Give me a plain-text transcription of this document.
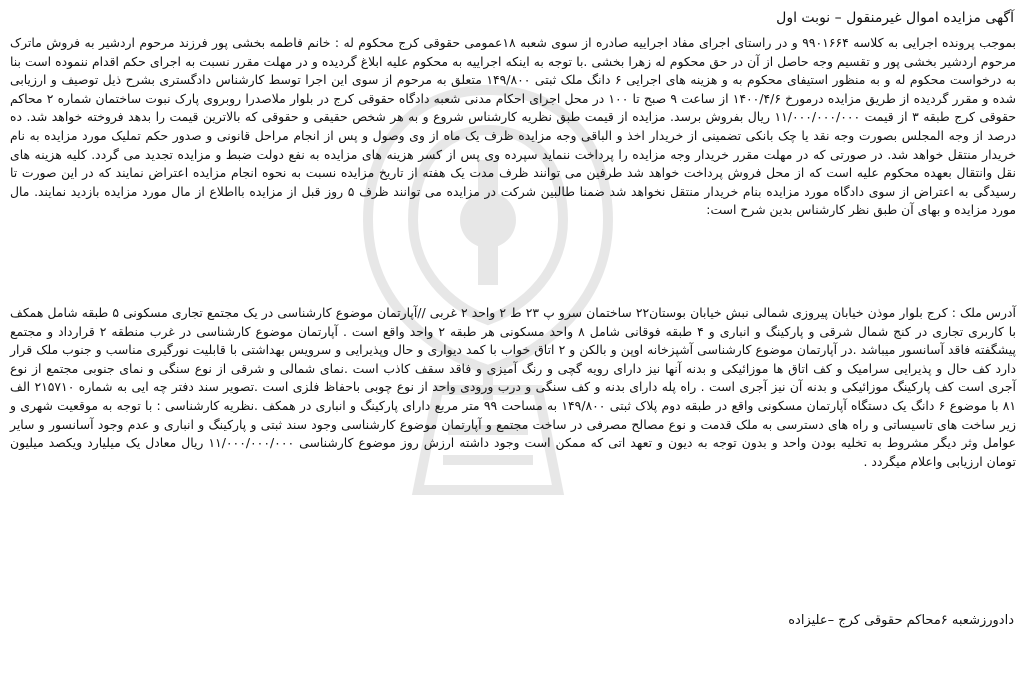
آگهی مزایده اموال غیرمنقول – نوبت اول

بموجب پرونده اجرایی به کلاسه ۹۹۰۱۶۶۴ و در راستای اجرای مفاد اجراییه صادره از سوی شعبه ۱۸عمومی حقوقی کرج محکوم له : خانم فاطمه بخشی پور فرزند مرحوم اردشیر به فروش ماترک مرحوم اردشیر بخشی پور و تقسیم وجه حاصل از آن در حق محکوم له زهرا بخشی .با توجه به اینکه اجراییه به محکوم علیه ابلاغ گردیده و در مهلت مقرر نسبت به اجرای حکم اقدام ننموده است بنا به درخواست محکوم له و به منظور استیفای محکوم به و هزینه های اجرایی ۶ دانگ ملک ثبتی ۱۴۹/۸۰۰ متعلق به مرحوم از سوی این اجرا توسط کارشناس دادگستری بشرح ذیل توصیف و ارزیابی شده و مقرر گردیده از طریق مزایده درمورخ ۱۴۰۰/۴/۶ از ساعت ۹ صبح تا ۱۰۰ در محل اجرای احکام مدنی شعبه دادگاه حقوقی کرج در بلوار ملاصدرا روبروی پارک نبوت ساختمان شماره ۲ محاکم حقوقی کرج طبقه ۳ از قیمت ۱۱/۰۰۰/۰۰۰/۰۰۰ ریال بفروش برسد. مزایده از قیمت طبق نظریه کارشناس شروع و به هر شخص حقیقی و حقوقی که بالاترین قیمت را بدهد فروخته خواهد شد. ده درصد از وجه المجلس بصورت وجه نقد یا چک بانکی تضمینی از خریدار اخذ و الباقی وجه مزایده ظرف یک ماه از وی وصول و پس از انجام مراحل قانونی و صدور حکم تملیک مورد مزایده به نام خریدار منتقل خواهد شد. در صورتی که در مهلت مقرر خریدار وجه مزایده را پرداخت ننماید سپرده وی پس از کسر هزینه های مزایده به نفع دولت ضبط و مزایده تجدید می گردد. کلیه هزینه های نقل وانتقال بعهده محکوم علیه است که از محل فروش پرداخت خواهد شد طرفین می توانند ظرف مدت یک هفته از تاریخ مزایده نسبت به نحوه انجام مزایده اعتراض نمایند که در این صورت تا رسیدگی به اعتراض از سوی دادگاه مورد مزایده بنام خریدار منتقل نخواهد شد ضمنا طالبین شرکت در مزایده می توانند ظرف ۵ روز قبل از مزایده بااطلاع از مال مورد مزایده بازدید نمایند. مال مورد مزایده و بهای آن طبق نظر کارشناس بدین شرح است:

آدرس ملک : کرج بلوار موذن خیابان پیروزی شمالی نبش خیابان بوستان۲۲ ساختمان سرو پ ۲۳ ط ۲ واحد ۲ غربی //آپارتمان موضوع کارشناسی در یک مجتمع تجاری مسکونی ۵ طبقه شامل همکف با کاربری تجاری در کنج شمال شرقی و پارکینگ و انباری و ۴ طبقه فوقانی شامل ۸ واحد مسکونی هر طبقه ۲ واحد واقع است . آپارتمان موضوع کارشناسی در غرب منطقه ۲ قرارداد و مجتمع پیشگفته فاقد آسانسور میباشد .در آپارتمان موضوع کارشناسی آشپزخانه اوپن و بالکن و ۲ اتاق خواب با کمد دیواری و حال وپذیرایی و سرویس بهداشتی با قابلیت نورگیری مناسب و جنوب ملک قرار دارد کف حال و پذیرایی سرامیک و کف اتاق ها موزائیکی و بدنه آنها نیز دارای رویه گچی و رنگ آمیزی و فاقد سقف کاذب است .نمای شمالی و شرقی از نوع سنگی و نمای جنوبی مجتمع از نوع آجری است کف پارکینگ موزائیکی و بدنه آن نیز آجری است . راه پله دارای بدنه و کف سنگی و درب ورودی واحد از نوع چوبی باحفاظ فلزی است .تصویر سند دفتر چه ایی به شماره ۲۱۵۷۱۰ الف ۸۱ با موضوع ۶ دانگ یک دستگاه آپارتمان مسکونی واقع در طبقه دوم پلاک ثبتی ۱۴۹/۸۰۰ به مساحت ۹۹ متر مربع دارای پارکینگ و انباری در همکف .نظریه کارشناسی : با توجه به موقعیت شهری و زیر ساخت های تاسیساتی و راه های دسترسی به ملک قدمت و نوع مصالح مصرفی در ساخت مجتمع و آپارتمان موضوع کارشناسی وجود سند ثبتی و پارکینگ و انباری و عدم وجود آسانسور و سایر عوامل وثر دیگر مشروط به تخلیه بودن واحد و بدون توجه به دیون و تعهد اتی که ممکن است وجود داشته ارزش روز موضوع کارشناسی ۱۱/۰۰۰/۰۰۰/۰۰۰ ریال معادل یک میلیارد ویکصد میلیون تومان ارزیابی واعلام میگردد .

دادورزشعبه ۶محاکم حقوقی کرج –علیزاده
